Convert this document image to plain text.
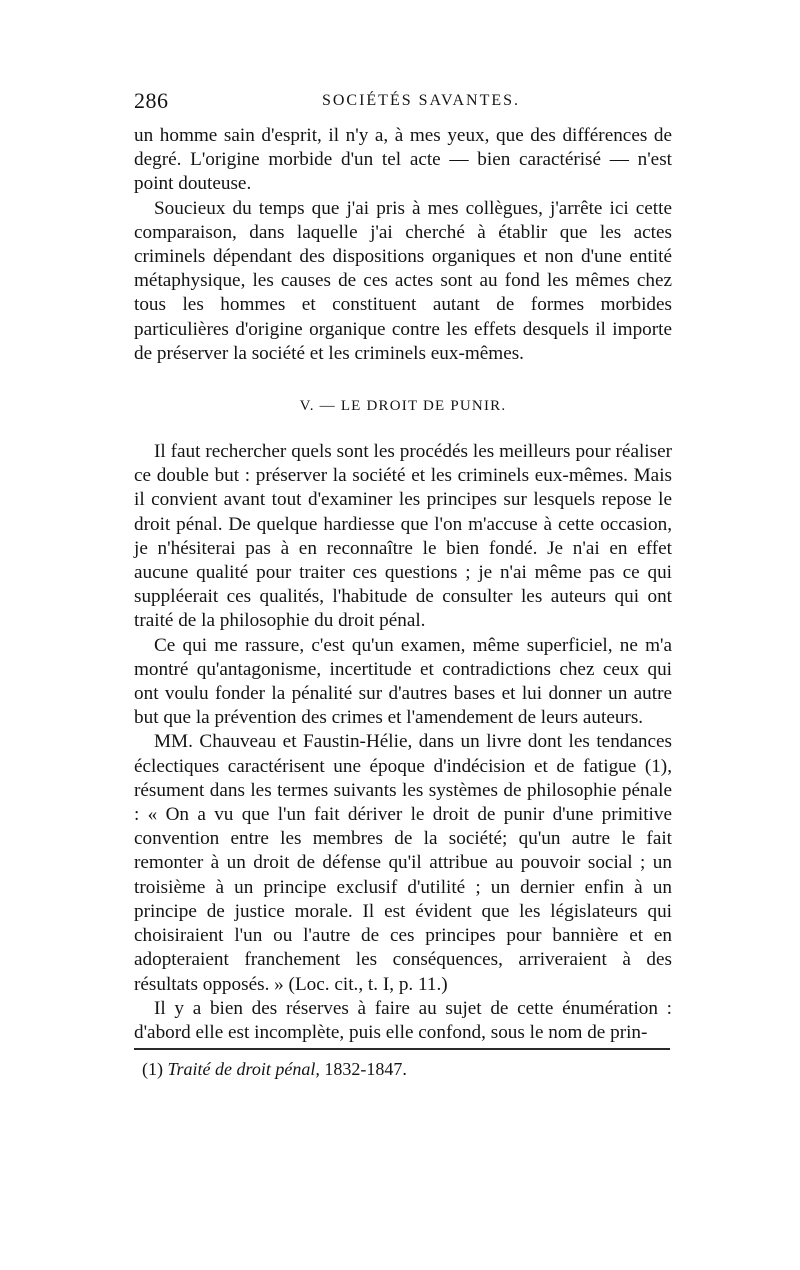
286	SOCIÉTÉS SAVANTES.

un homme sain d'esprit, il n'y a, à mes yeux, que des différences de degré. L'origine morbide d'un tel acte — bien caractérisé — n'est point douteuse.

Soucieux du temps que j'ai pris à mes collègues, j'arrête ici cette comparaison, dans laquelle j'ai cherché à établir que les actes criminels dépendant des dispositions organiques et non d'une entité métaphysique, les causes de ces actes sont au fond les mêmes chez tous les hommes et constituent autant de formes morbides particulières d'origine organique contre les effets desquels il importe de préserver la société et les criminels eux-mêmes.

V. — LE DROIT DE PUNIR.

Il faut rechercher quels sont les procédés les meilleurs pour réaliser ce double but : préserver la société et les criminels eux-mêmes. Mais il convient avant tout d'examiner les principes sur lesquels repose le droit pénal. De quelque hardiesse que l'on m'accuse à cette occasion, je n'hésiterai pas à en reconnaître le bien fondé. Je n'ai en effet aucune qualité pour traiter ces questions ; je n'ai même pas ce qui suppléerait ces qualités, l'habitude de consulter les auteurs qui ont traité de la philosophie du droit pénal.

Ce qui me rassure, c'est qu'un examen, même superficiel, ne m'a montré qu'antagonisme, incertitude et contradictions chez ceux qui ont voulu fonder la pénalité sur d'autres bases et lui donner un autre but que la prévention des crimes et l'amendement de leurs auteurs.

MM. Chauveau et Faustin-Hélie, dans un livre dont les tendances éclectiques caractérisent une époque d'indécision et de fatigue (1), résument dans les termes suivants les systèmes de philosophie pénale : « On a vu que l'un fait dériver le droit de punir d'une primitive convention entre les membres de la société; qu'un autre le fait remonter à un droit de défense qu'il attribue au pouvoir social ; un troisième à un principe exclusif d'utilité ; un dernier enfin à un principe de justice morale. Il est évident que les législateurs qui choisiraient l'un ou l'autre de ces principes pour bannière et en adopteraient franchement les conséquences, arriveraient à des résultats opposés. » (Loc. cit., t. I, p. 11.)

Il y a bien des réserves à faire au sujet de cette énumération : d'abord elle est incomplète, puis elle confond, sous le nom de prin-

(1) Traité de droit pénal, 1832-1847.
